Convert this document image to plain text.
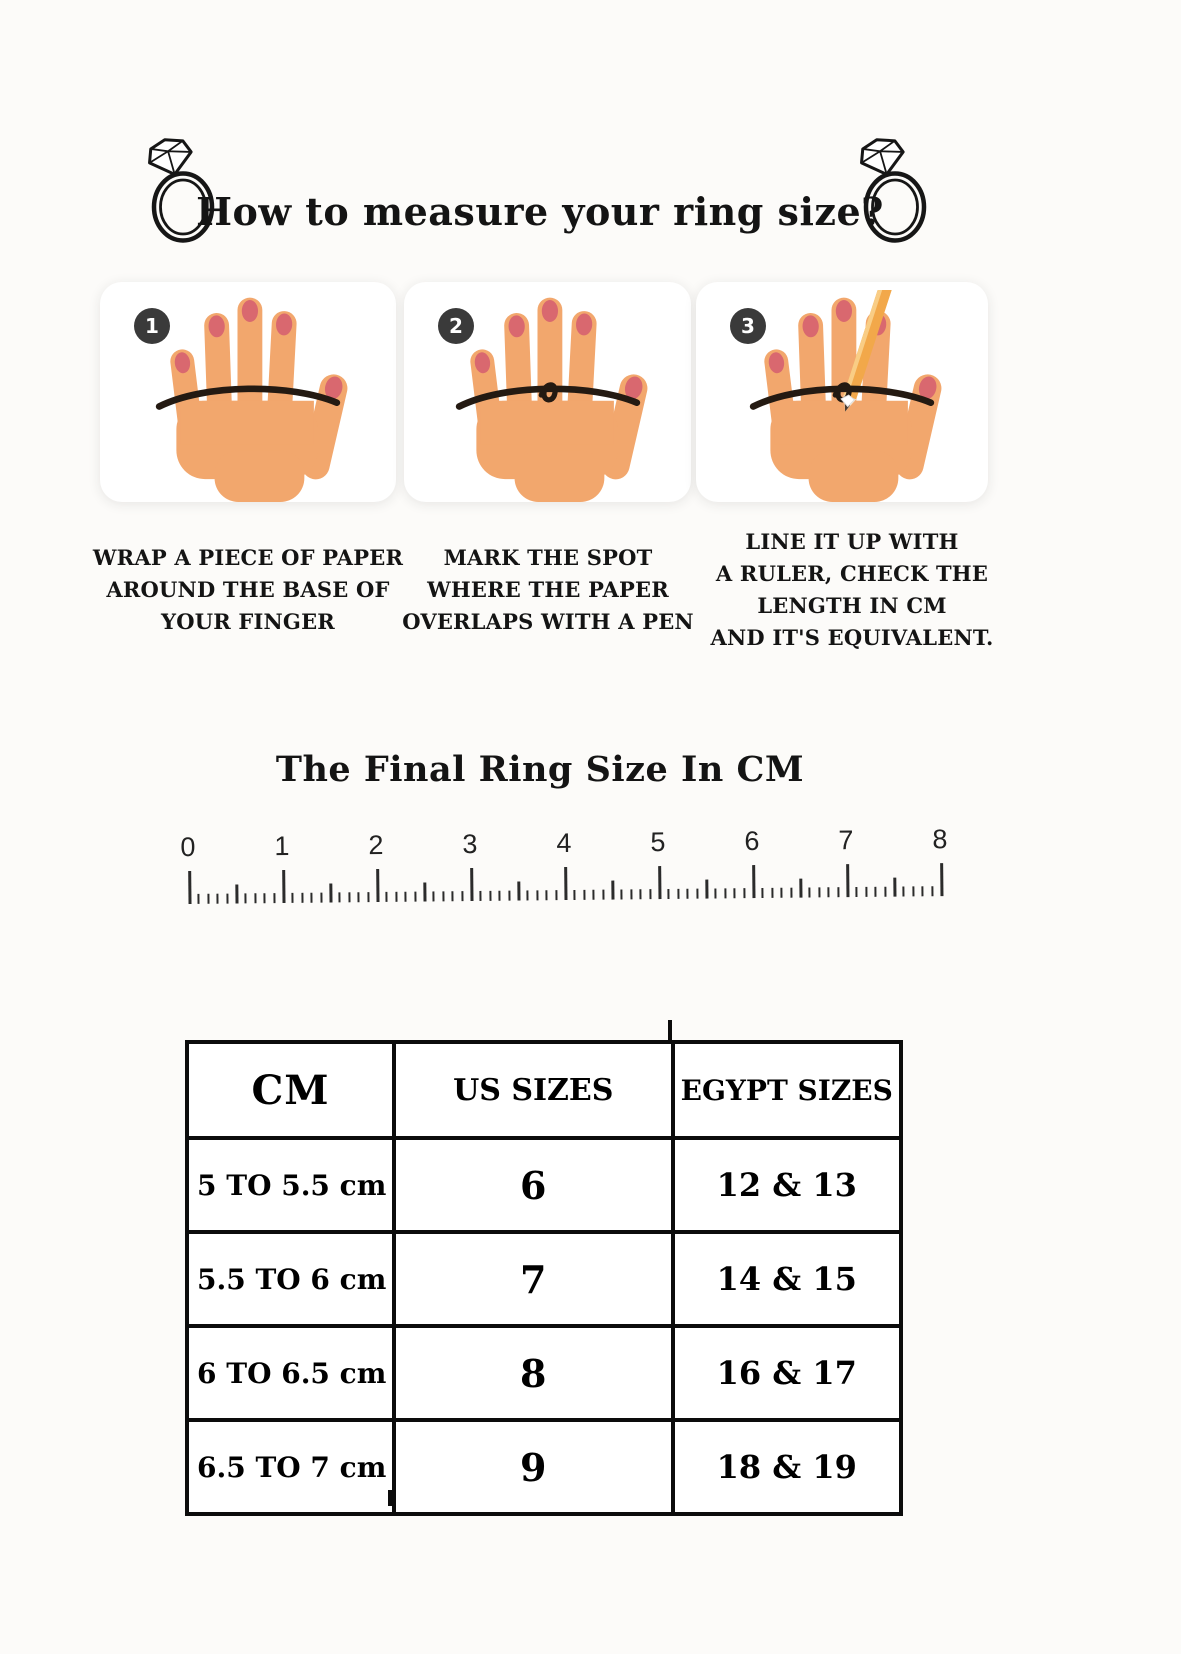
How to measure your ring size?
1	2	3
WRAP A PIECE OF PAPER
AROUND THE BASE OF
YOUR FINGER
MARK THE SPOT
WHERE THE PAPER
OVERLAPS WITH A PEN
LINE IT UP WITH
A RULER, CHECK THE
LENGTH IN CM
AND IT'S EQUIVALENT.
The Final Ring Size In CM
0	1	2	3	4	5	6	7	8
CM	US SIZES	EGYPT SIZES
5 TO 5.5 cm	6	12 & 13
5.5 TO 6 cm	7	14 & 15
6 TO 6.5 cm	8	16 & 17
6.5 TO 7 cm	9	18 & 19
